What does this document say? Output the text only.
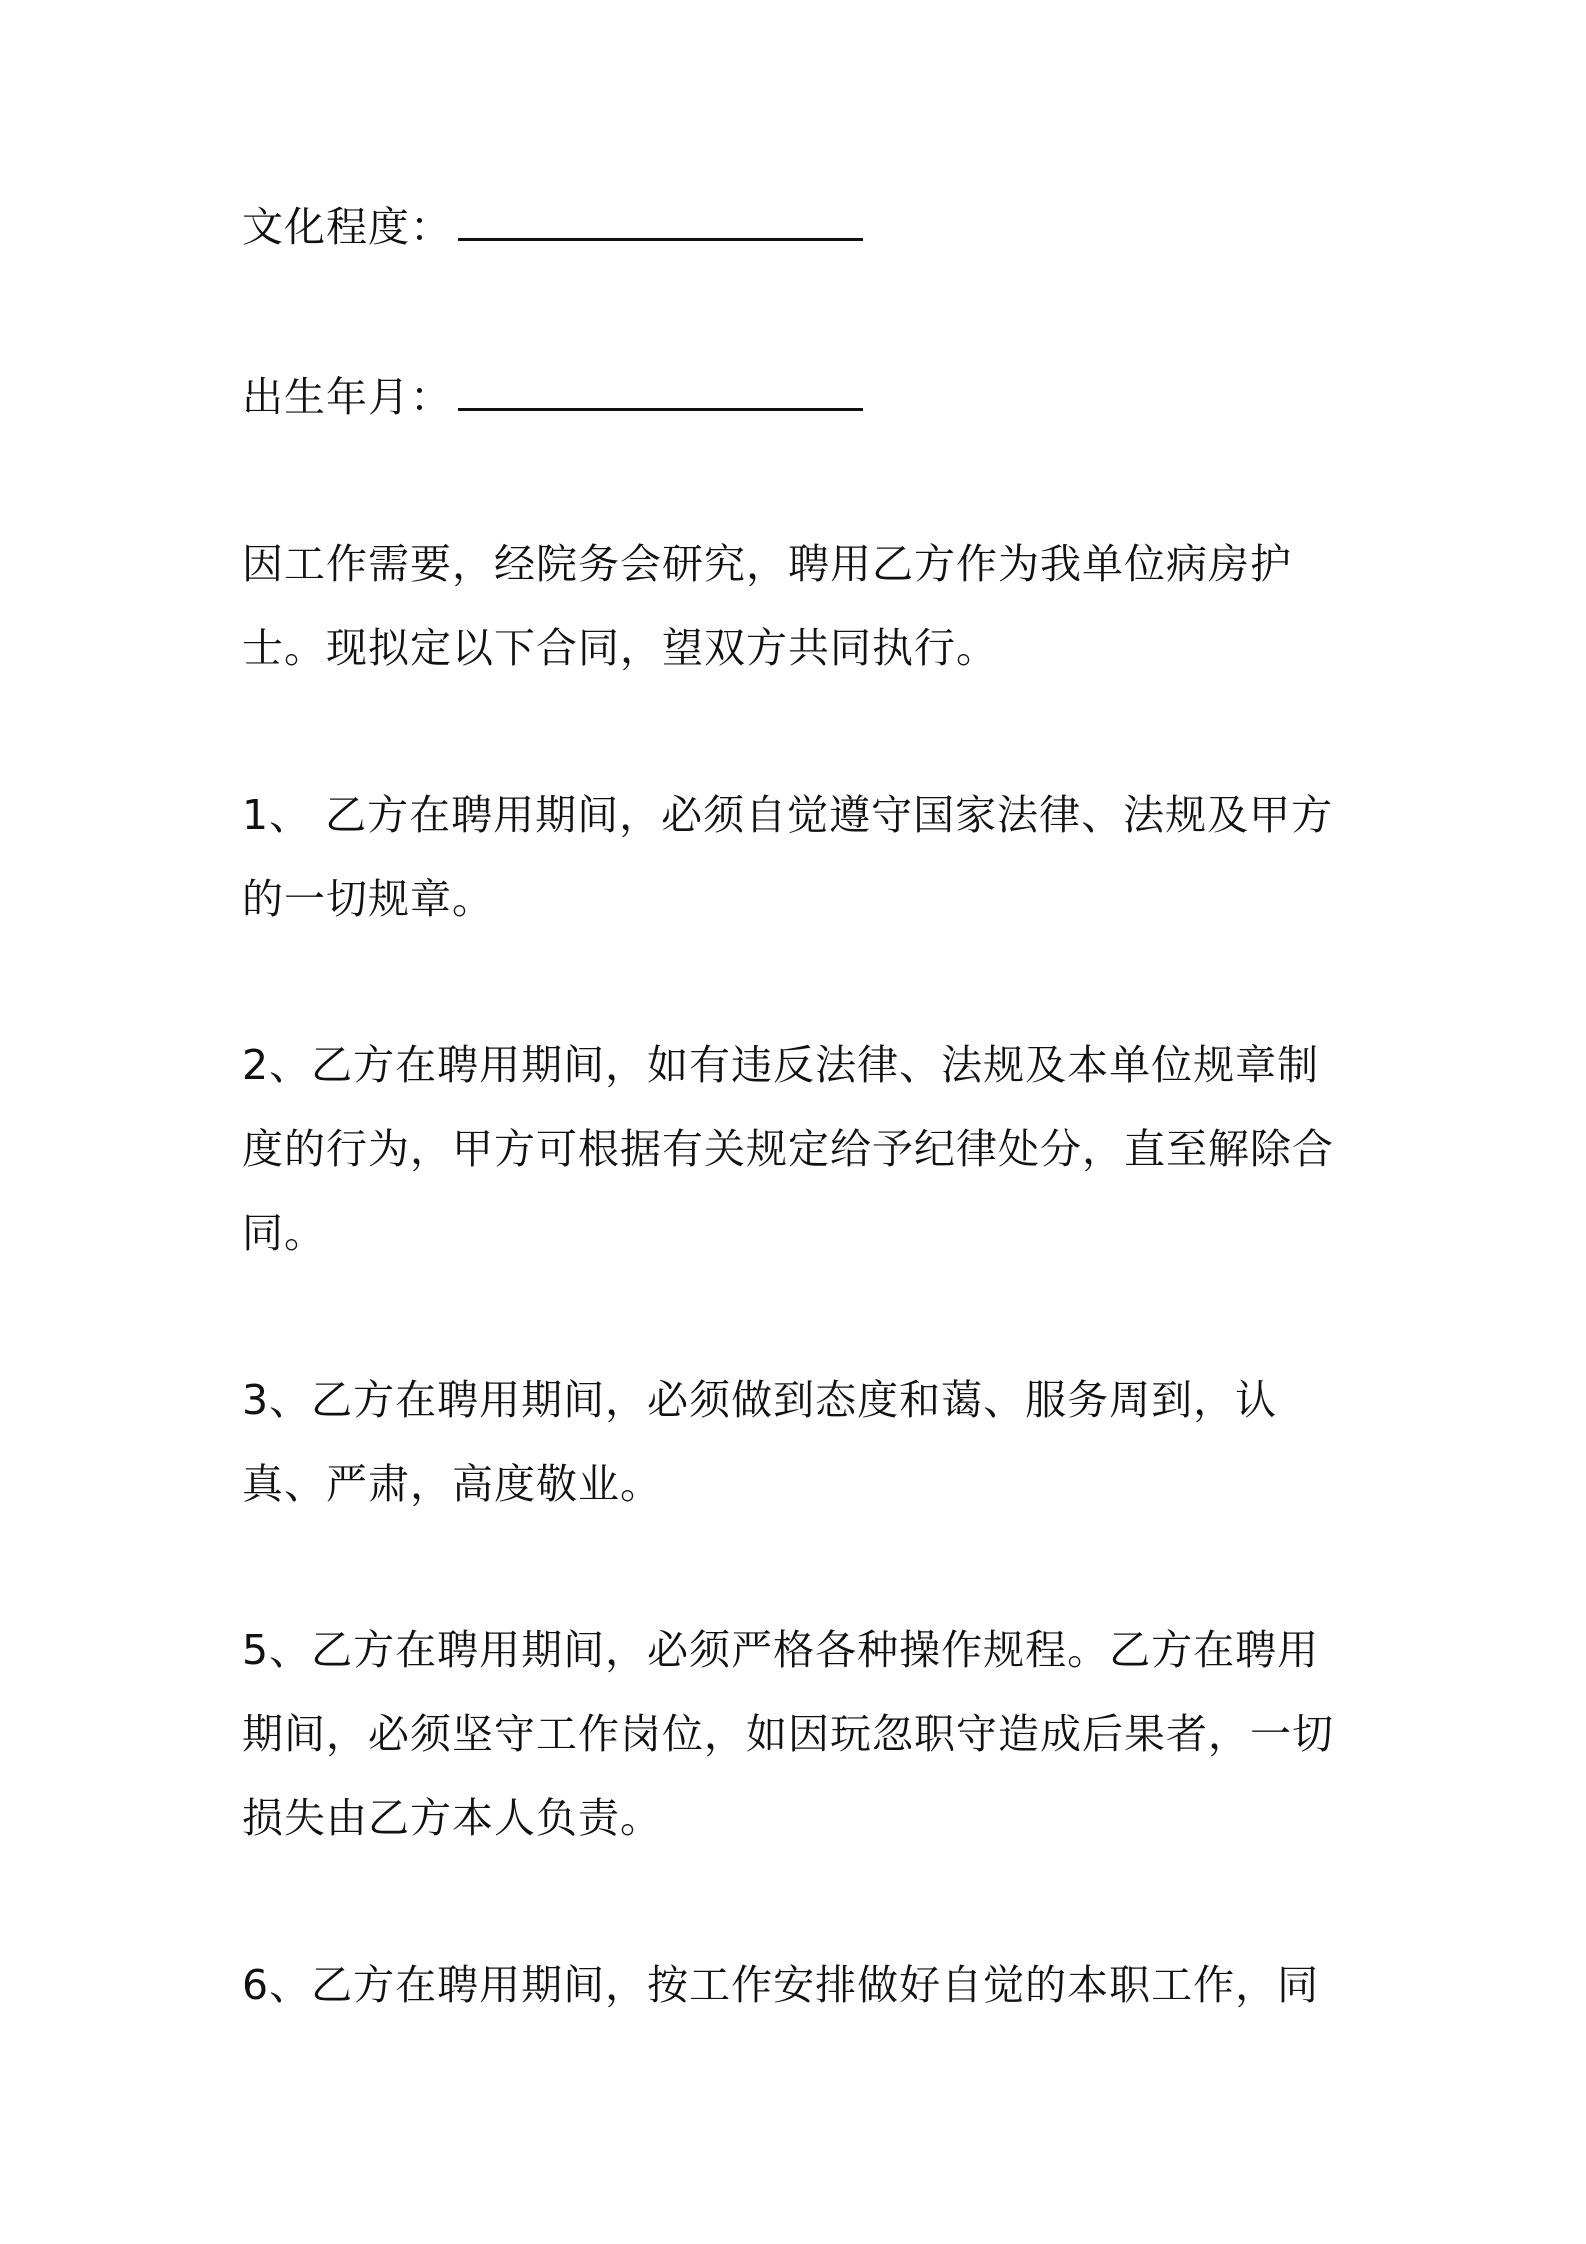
文化程度：
出生年月：
因工作需要，经院务会研究，聘用乙方作为我单位病房护士。现拟定以下合同，望双方共同执行。
1、 乙方在聘用期间，必须自觉遵守国家法律、法规及甲方的一切规章。
2、乙方在聘用期间，如有违反法律、法规及本单位规章制度的行为，甲方可根据有关规定给予纪律处分，直至解除合同。
3、乙方在聘用期间，必须做到态度和蔼、服务周到，认真、严肃，高度敬业。
5、乙方在聘用期间，必须严格各种操作规程。乙方在聘用期间，必须坚守工作岗位，如因玩忽职守造成后果者，一切损失由乙方本人负责。
6、乙方在聘用期间，按工作安排做好自觉的本职工作，同
